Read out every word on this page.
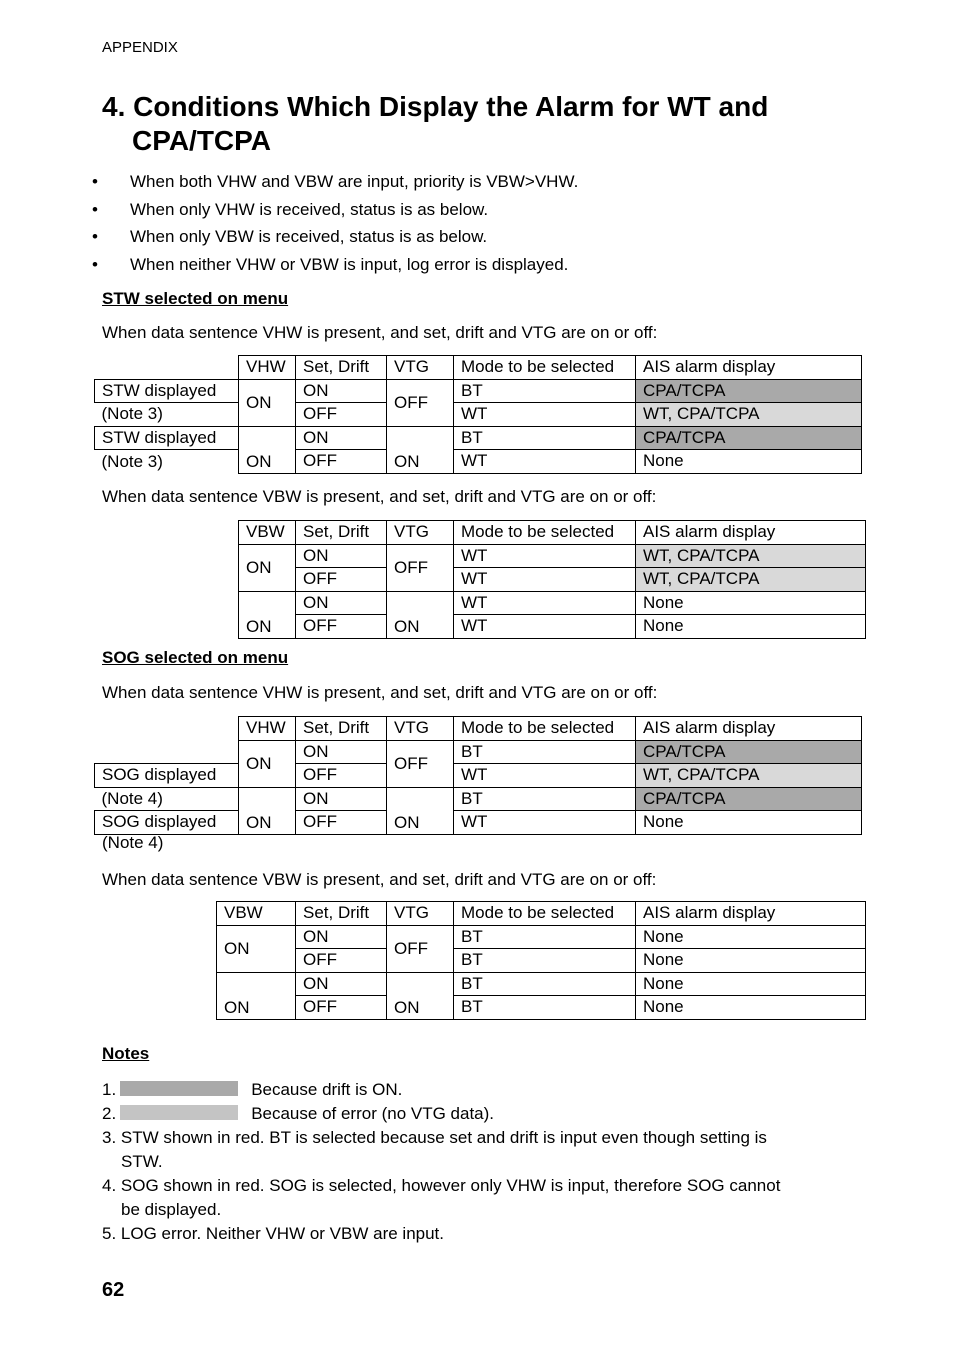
APPENDIX
4. Conditions Which Display the Alarm for WT and
CPA/TCPA
• When both VHW and VBW are input, priority is VBW>VHW.
• When only VHW is received, status is as below.
• When only VBW is received, status is as below.
• When neither VHW or VBW is input, log error is displayed.
STW selected on menu
When data sentence VHW is present, and set, drift and VTG are on or off:
	VHW	Set, Drift	VTG	Mode to be selected	AIS alarm display
STW displayed	ON	ON	OFF	BT	CPA/TCPA
(Note 3)		OFF		WT	WT, CPA/TCPA
STW displayed	ON	ON	ON	BT	CPA/TCPA
(Note 3)		OFF		WT	None
When data sentence VBW is present, and set, drift and VTG are on or off:
VBW	Set, Drift	VTG	Mode to be selected	AIS alarm display
ON	ON	OFF	WT	WT, CPA/TCPA
	OFF		WT	WT, CPA/TCPA
ON	ON	ON	WT	None
	OFF		WT	None
SOG selected on menu
When data sentence VHW is present, and set, drift and VTG are on or off:
	VHW	Set, Drift	VTG	Mode to be selected	AIS alarm display
	ON	ON	OFF	BT	CPA/TCPA
SOG displayed		OFF		WT	WT, CPA/TCPA
(Note 4)	ON	ON	ON	BT	CPA/TCPA
SOG displayed		OFF		WT	None
(Note 4)
When data sentence VBW is present, and set, drift and VTG are on or off:
VBW	Set, Drift	VTG	Mode to be selected	AIS alarm display
ON	ON	OFF	BT	None
	OFF		BT	None
ON	ON	ON	BT	None
	OFF		BT	None
Notes
1.	Because drift is ON.
2.	Because of error (no VTG data).
3. STW shown in red. BT is selected because set and drift is input even though setting is
STW.
4. SOG shown in red. SOG is selected, however only VHW is input, therefore SOG cannot
be displayed.
5. LOG error. Neither VHW or VBW are input.
62
